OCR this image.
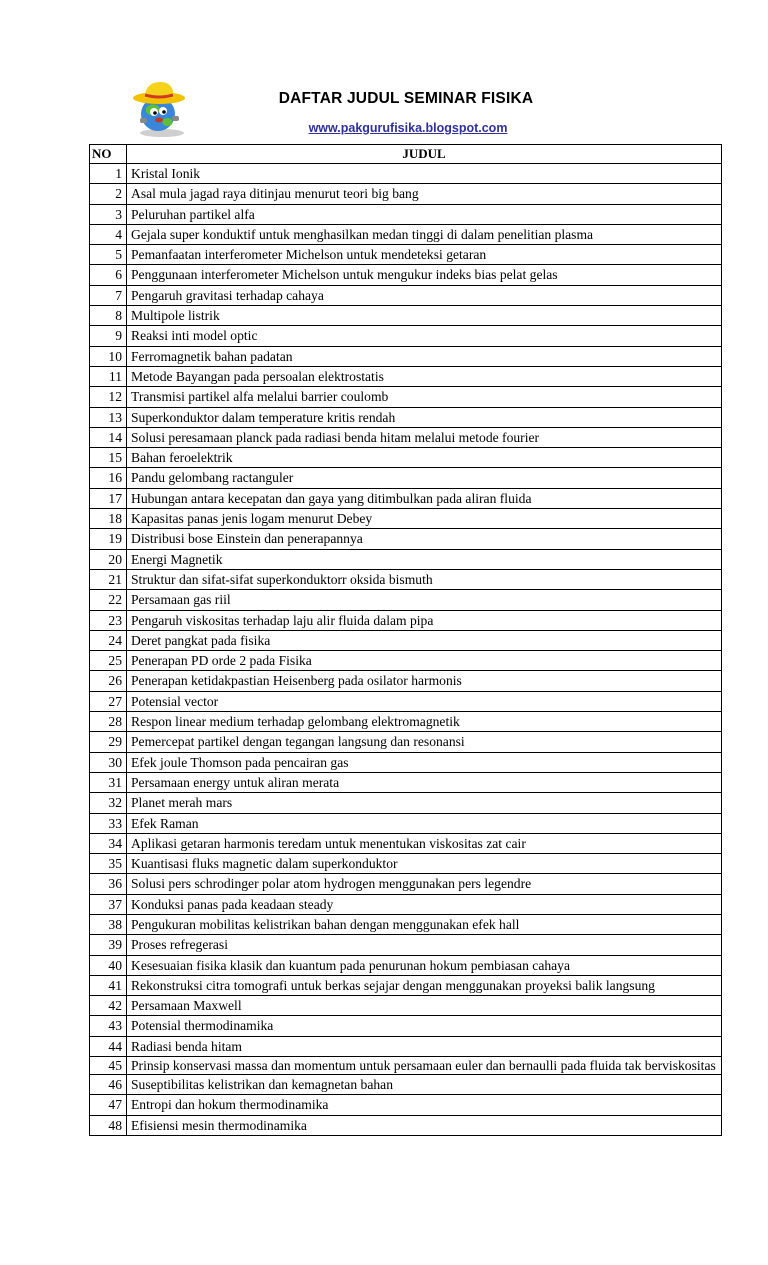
DAFTAR JUDUL SEMINAR FISIKA
www.pakgurufisika.blogspot.com
NO	JUDUL
1	Kristal Ionik
2	Asal mula jagad raya ditinjau menurut teori big bang
3	Peluruhan partikel alfa
4	Gejala super konduktif untuk menghasilkan medan tinggi di dalam penelitian plasma
5	Pemanfaatan interferometer Michelson untuk mendeteksi getaran
6	Penggunaan interferometer Michelson untuk mengukur indeks bias pelat gelas
7	Pengaruh gravitasi terhadap cahaya
8	Multipole listrik
9	Reaksi inti model optic
10	Ferromagnetik bahan padatan
11	Metode Bayangan pada persoalan elektrostatis
12	Transmisi partikel alfa melalui barrier coulomb
13	Superkonduktor dalam temperature kritis rendah
14	Solusi peresamaan planck pada radiasi benda hitam melalui metode fourier
15	Bahan feroelektrik
16	Pandu gelombang ractanguler
17	Hubungan antara kecepatan dan gaya yang ditimbulkan pada aliran fluida
18	Kapasitas panas jenis logam menurut Debey
19	Distribusi bose Einstein dan penerapannya
20	Energi Magnetik
21	Struktur dan sifat-sifat superkonduktorr oksida bismuth
22	Persamaan gas riil
23	Pengaruh viskositas terhadap laju alir fluida dalam pipa
24	Deret pangkat pada fisika
25	Penerapan PD orde 2 pada Fisika
26	Penerapan ketidakpastian Heisenberg pada osilator harmonis
27	Potensial vector
28	Respon linear medium terhadap gelombang elektromagnetik
29	Pemercepat partikel dengan tegangan langsung dan resonansi
30	Efek joule Thomson pada pencairan gas
31	Persamaan energy untuk aliran merata
32	Planet merah mars
33	Efek Raman
34	Aplikasi getaran harmonis teredam untuk menentukan viskositas zat cair
35	Kuantisasi fluks magnetic dalam superkonduktor
36	Solusi pers schrodinger polar atom hydrogen menggunakan pers legendre
37	Konduksi panas pada keadaan steady
38	Pengukuran mobilitas kelistrikan bahan dengan menggunakan efek hall
39	Proses refregerasi
40	Kesesuaian fisika klasik dan kuantum pada penurunan hokum pembiasan cahaya
41	Rekonstruksi citra tomografi untuk berkas sejajar dengan menggunakan proyeksi balik langsung
42	Persamaan Maxwell
43	Potensial thermodinamika
44	Radiasi benda hitam
45	Prinsip konservasi massa dan momentum untuk persamaan euler dan bernaulli pada fluida tak berviskositas
46	Suseptibilitas kelistrikan dan kemagnetan bahan
47	Entropi dan hokum thermodinamika
48	Efisiensi mesin thermodinamika
